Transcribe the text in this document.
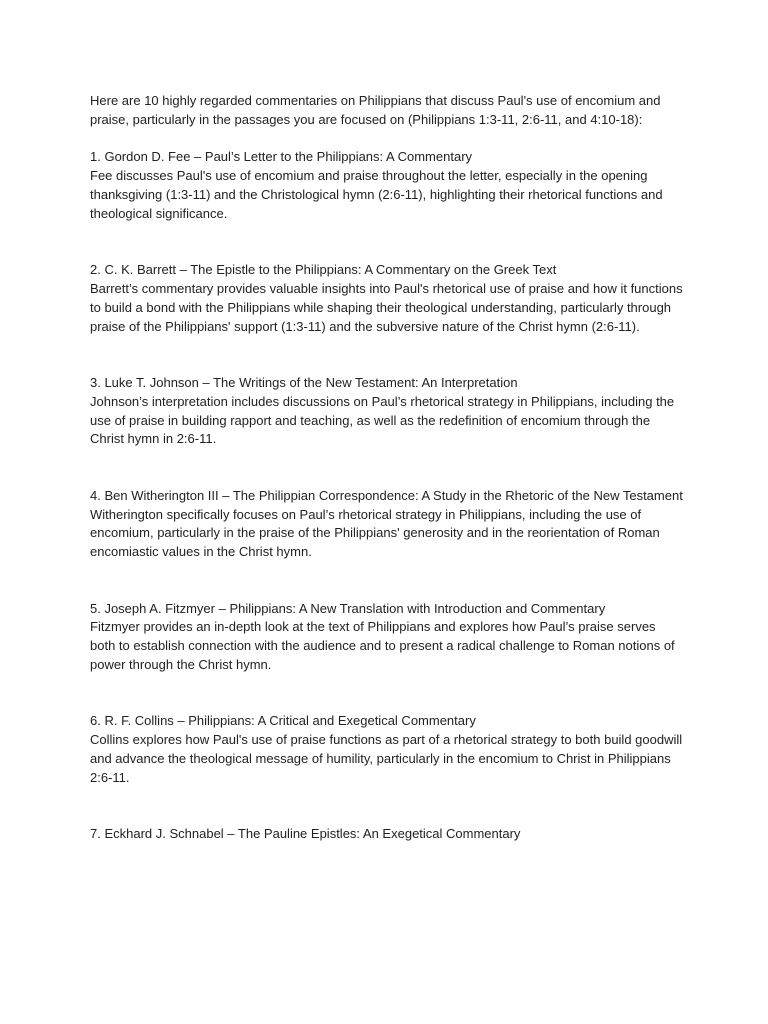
Here are 10 highly regarded commentaries on Philippians that discuss Paul's use of encomium and praise, particularly in the passages you are focused on (Philippians 1:3-11, 2:6-11, and 4:10-18):

1. Gordon D. Fee – Paul’s Letter to the Philippians: A Commentary

Fee discusses Paul's use of encomium and praise throughout the letter, especially in the opening thanksgiving (1:3-11) and the Christological hymn (2:6-11), highlighting their rhetorical functions and theological significance.

2. C. K. Barrett – The Epistle to the Philippians: A Commentary on the Greek Text

Barrett’s commentary provides valuable insights into Paul's rhetorical use of praise and how it functions to build a bond with the Philippians while shaping their theological understanding, particularly through praise of the Philippians' support (1:3-11) and the subversive nature of the Christ hymn (2:6-11).

3. Luke T. Johnson – The Writings of the New Testament: An Interpretation

Johnson’s interpretation includes discussions on Paul’s rhetorical strategy in Philippians, including the use of praise in building rapport and teaching, as well as the redefinition of encomium through the Christ hymn in 2:6-11.

4. Ben Witherington III – The Philippian Correspondence: A Study in the Rhetoric of the New Testament

Witherington specifically focuses on Paul’s rhetorical strategy in Philippians, including the use of encomium, particularly in the praise of the Philippians' generosity and in the reorientation of Roman encomiastic values in the Christ hymn.

5. Joseph A. Fitzmyer – Philippians: A New Translation with Introduction and Commentary

Fitzmyer provides an in-depth look at the text of Philippians and explores how Paul’s praise serves both to establish connection with the audience and to present a radical challenge to Roman notions of power through the Christ hymn.

6. R. F. Collins – Philippians: A Critical and Exegetical Commentary

Collins explores how Paul's use of praise functions as part of a rhetorical strategy to both build goodwill and advance the theological message of humility, particularly in the encomium to Christ in Philippians 2:6-11.

7. Eckhard J. Schnabel – The Pauline Epistles: An Exegetical Commentary
